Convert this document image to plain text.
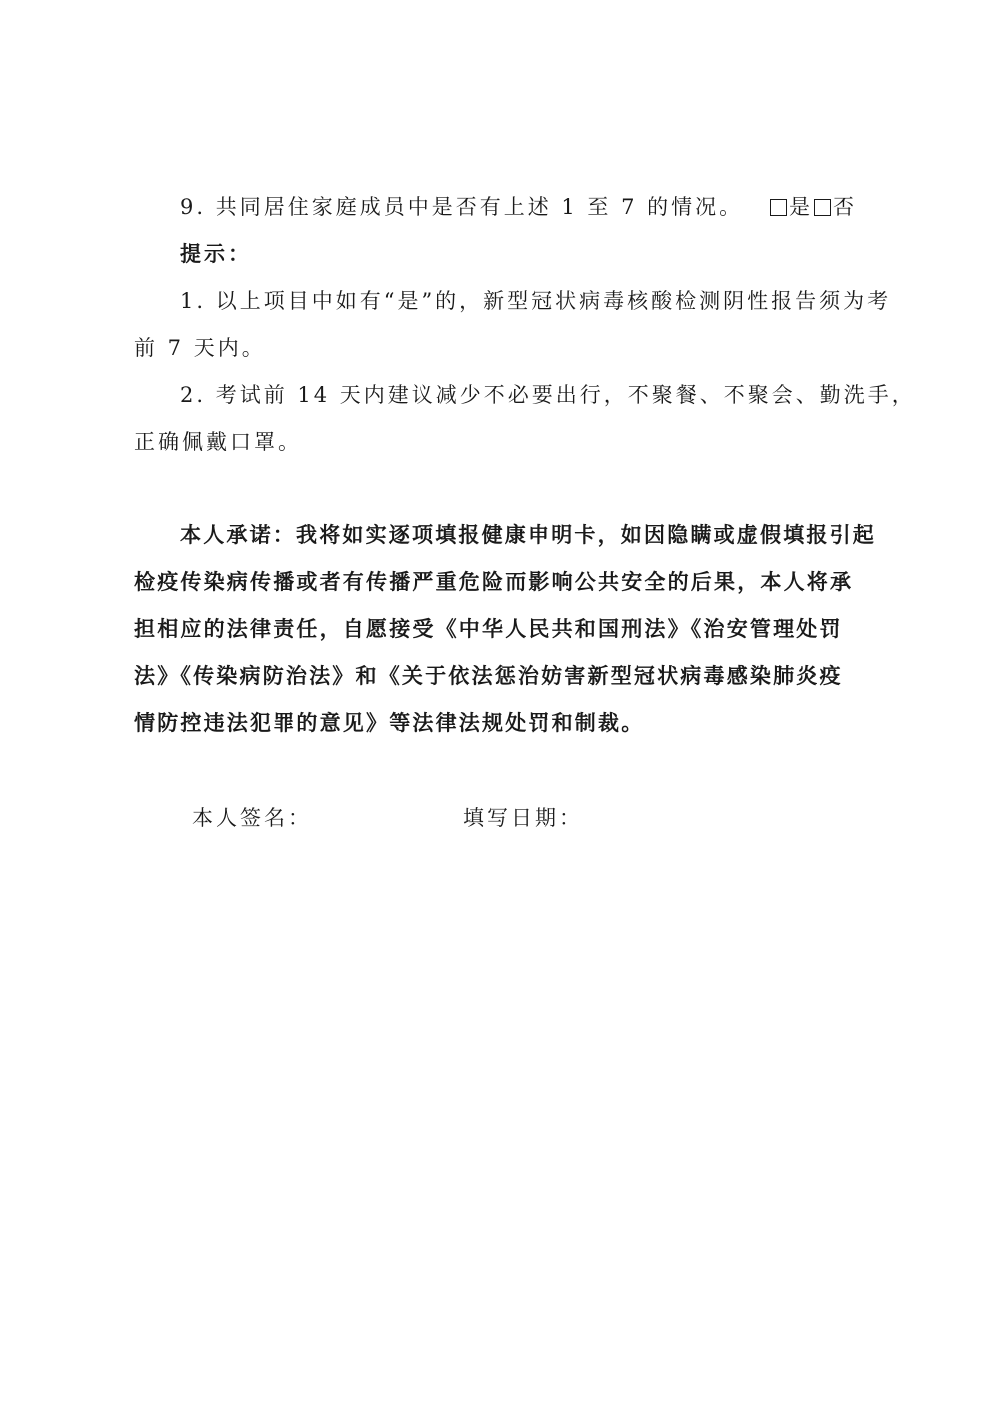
9. 共同居住家庭成员中是否有上述 1 至 7 的情况。 是 否
提示：
1. 以上项目中如有“是”的，新型冠状病毒核酸检测阴性报告须为考
前 7 天内。
2. 考试前 14 天内建议减少不必要出行，不聚餐、不聚会、勤洗手，
正确佩戴口罩。
本人承诺：我将如实逐项填报健康申明卡，如因隐瞒或虚假填报引起
检疫传染病传播或者有传播严重危险而影响公共安全的后果，本人将承
担相应的法律责任，自愿接受《中华人民共和国刑法》《治安管理处罚
法》《传染病防治法》和《关于依法惩治妨害新型冠状病毒感染肺炎疫
情防控违法犯罪的意见》等法律法规处罚和制裁。
本人签名：	填写日期：
